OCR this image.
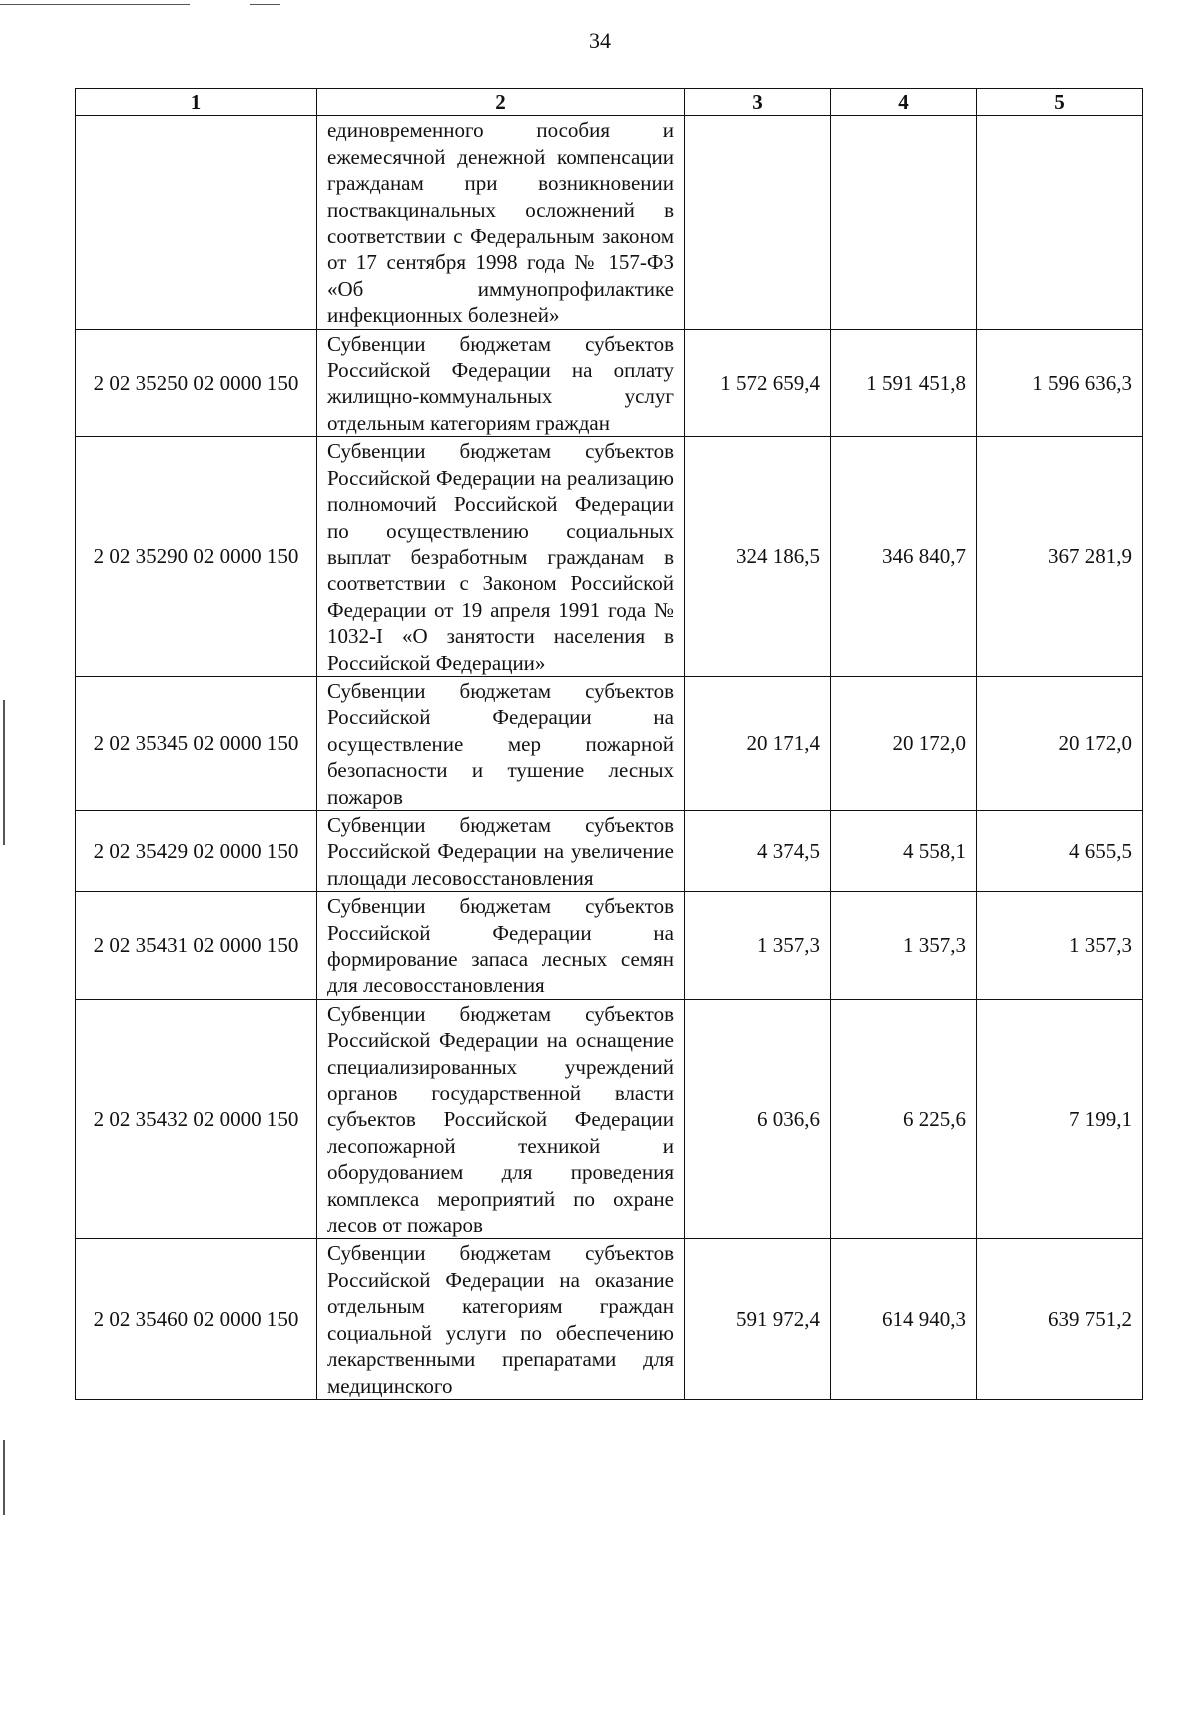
34
1	2	3	4	5
	единовременного пособия и ежемесячной денежной компенсации гражданам при возникновении поствакцинальных осложнений в соответствии с Федеральным законом от 17 сентября 1998 года № 157-ФЗ «Об иммунопрофилактике инфекционных болезней»			
2 02 35250 02 0000 150	Субвенции бюджетам субъектов Российской Федерации на оплату жилищно-коммунальных услуг отдельным категориям граждан	1 572 659,4	1 591 451,8	1 596 636,3
2 02 35290 02 0000 150	Субвенции бюджетам субъектов Российской Федерации на реализацию полномочий Российской Федерации по осуществлению социальных выплат безработным гражданам в соответствии с Законом Российской Федерации от 19 апреля 1991 года № 1032-I «О занятости населения в Российской Федерации»	324 186,5	346 840,7	367 281,9
2 02 35345 02 0000 150	Субвенции бюджетам субъектов Российской Федерации на осуществление мер пожарной безопасности и тушение лесных пожаров	20 171,4	20 172,0	20 172,0
2 02 35429 02 0000 150	Субвенции бюджетам субъектов Российской Федерации на увеличение площади лесовосстановления	4 374,5	4 558,1	4 655,5
2 02 35431 02 0000 150	Субвенции бюджетам субъектов Российской Федерации на формирование запаса лесных семян для лесовосстановления	1 357,3	1 357,3	1 357,3
2 02 35432 02 0000 150	Субвенции бюджетам субъектов Российской Федерации на оснащение специализированных учреждений органов государственной власти субъектов Российской Федерации лесопожарной техникой и оборудованием для проведения комплекса мероприятий по охране лесов от пожаров	6 036,6	6 225,6	7 199,1
2 02 35460 02 0000 150	Субвенции бюджетам субъектов Российской Федерации на оказание отдельным категориям граждан социальной услуги по обеспечению лекарственными препаратами для медицинского	591 972,4	614 940,3	639 751,2
